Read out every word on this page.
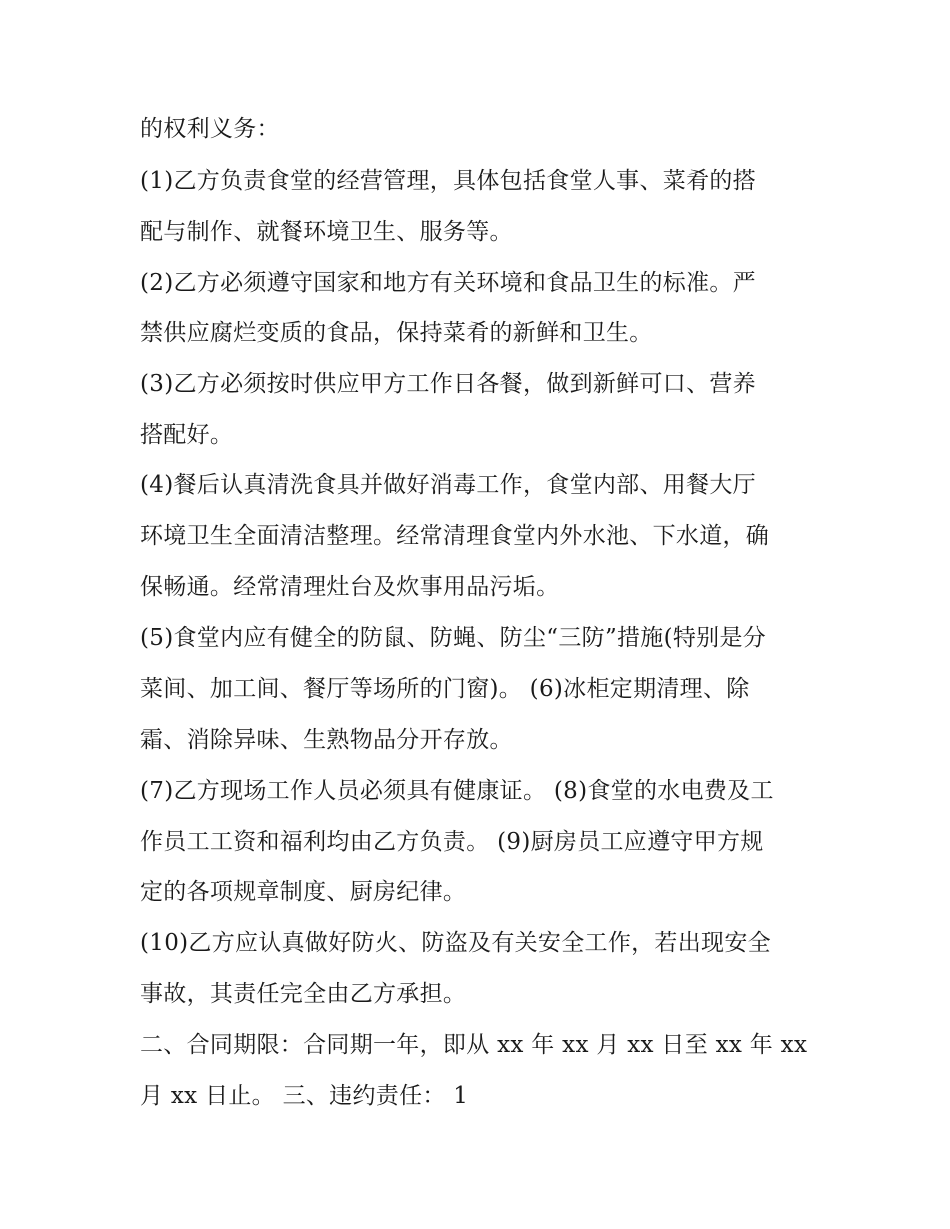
的权利义务：
(1)乙方负责食堂的经营管理，具体包括食堂人事、菜肴的搭
配与制作、就餐环境卫生、服务等。
(2)乙方必须遵守国家和地方有关环境和食品卫生的标准。严
禁供应腐烂变质的食品，保持菜肴的新鲜和卫生。
(3)乙方必须按时供应甲方工作日各餐，做到新鲜可口、营养
搭配好。
(4)餐后认真清洗食具并做好消毒工作，食堂内部、用餐大厅
环境卫生全面清洁整理。经常清理食堂内外水池、下水道，确
保畅通。经常清理灶台及炊事用品污垢。
(5)食堂内应有健全的防鼠、防蝇、防尘“三防”措施(特别是分
菜间、加工间、餐厅等场所的门窗)。 (6)冰柜定期清理、除
霜、消除异味、生熟物品分开存放。
(7)乙方现场工作人员必须具有健康证。 (8)食堂的水电费及工
作员工工资和福利均由乙方负责。 (9)厨房员工应遵守甲方规
定的各项规章制度、厨房纪律。
(10)乙方应认真做好防火、防盗及有关安全工作，若出现安全
事故，其责任完全由乙方承担。
二、合同期限：合同期一年，即从 xx 年 xx 月 xx 日至 xx 年 xx
月 xx 日止。 三、违约责任： 1
